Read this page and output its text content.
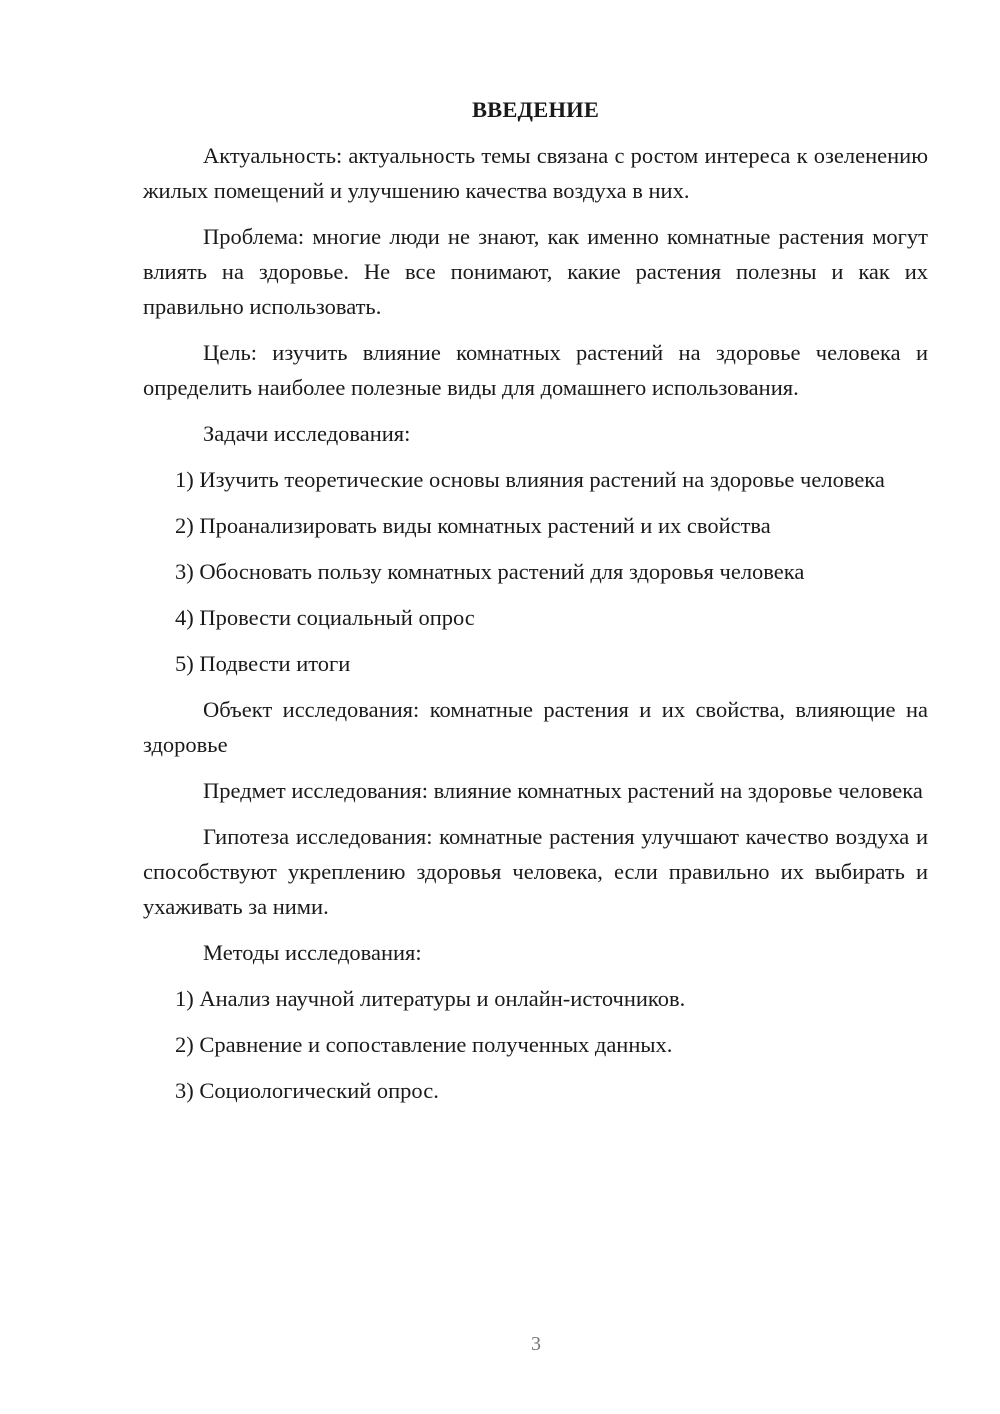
ВВЕДЕНИЕ

Актуальность: актуальность темы связана с ростом интереса к озеленению жилых помещений и улучшению качества воздуха в них.

Проблема: многие люди не знают, как именно комнатные растения могут влиять на здоровье. Не все понимают, какие растения полезны и как их правильно использовать.

Цель: изучить влияние комнатных растений на здоровье человека и определить наиболее полезные виды для домашнего использования.

Задачи исследования:

1) Изучить теоретические основы влияния растений на здоровье человека

2) Проанализировать виды комнатных растений и их свойства

3) Обосновать пользу комнатных растений для здоровья человека

4) Провести социальный опрос

5) Подвести итоги

Объект исследования: комнатные растения и их свойства, влияющие на здоровье

Предмет исследования: влияние комнатных растений на здоровье человека

Гипотеза исследования: комнатные растения улучшают качество воздуха и способствуют укреплению здоровья человека, если правильно их выбирать и ухаживать за ними.

Методы исследования:

1) Анализ научной литературы и онлайн-источников.

2) Сравнение и сопоставление полученных данных.

3) Социологический опрос.

3
